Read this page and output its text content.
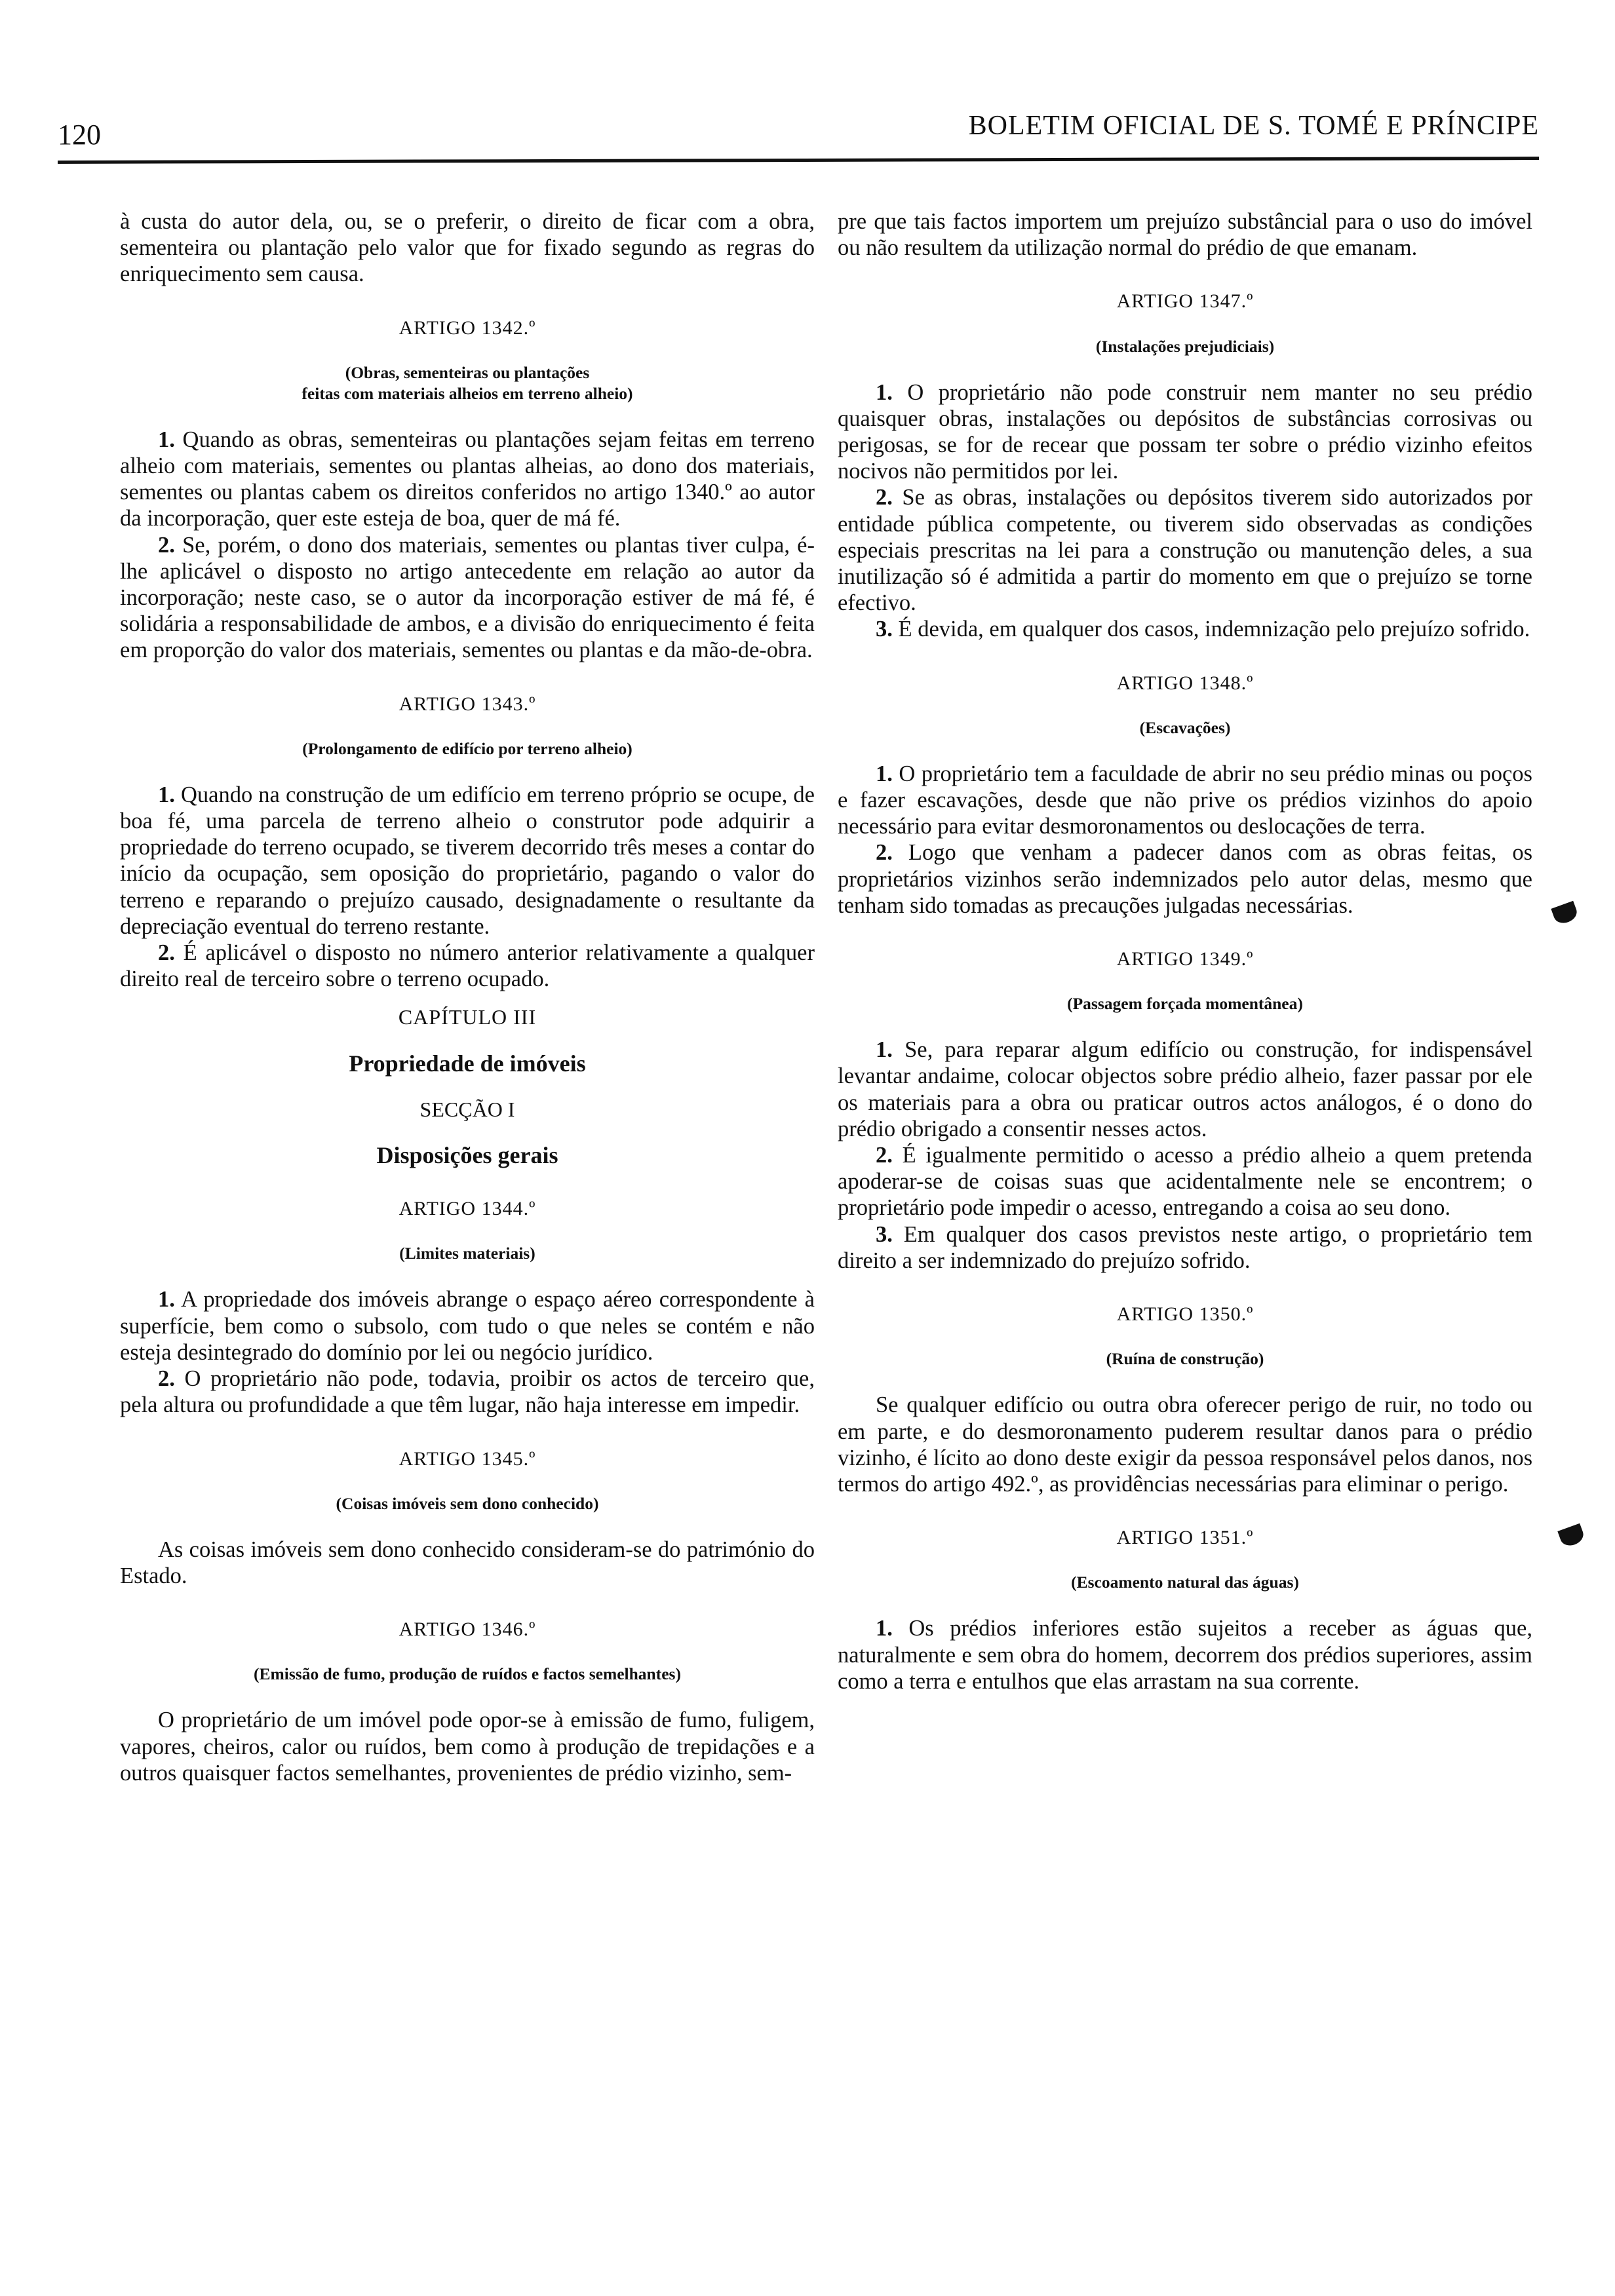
120	BOLETIM OFICIAL DE S. TOMÉ E PRÍNCIPE

à custa do autor dela, ou, se o preferir, o direito de ficar com a obra, sementeira ou plantação pelo valor que for fixado segundo as regras do enriquecimento sem causa.

ARTIGO 1342.º
(Obras, sementeiras ou plantações
feitas com materiais alheios em terreno alheio)

1. Quando as obras, sementeiras ou plantações sejam feitas em terreno alheio com materiais, sementes ou plantas alheias, ao dono dos materiais, sementes ou plantas cabem os direitos conferidos no artigo 1340.º ao autor da incorporação, quer este esteja de boa, quer de má fé.

2. Se, porém, o dono dos materiais, sementes ou plantas tiver culpa, é-lhe aplicável o disposto no artigo antecedente em relação ao autor da incorporação; neste caso, se o autor da incorporação estiver de má fé, é solidária a responsabilidade de ambos, e a divisão do enriquecimento é feita em proporção do valor dos materiais, sementes ou plantas e da mão-de-obra.

ARTIGO 1343.º
(Prolongamento de edifício por terreno alheio)

1. Quando na construção de um edifício em terreno próprio se ocupe, de boa fé, uma parcela de terreno alheio o construtor pode adquirir a propriedade do terreno ocupado, se tiverem decorrido três meses a contar do início da ocupação, sem oposição do proprietário, pagando o valor do terreno e reparando o prejuízo causado, designadamente o resultante da depreciação eventual do terreno restante.

2. É aplicável o disposto no número anterior relativamente a qualquer direito real de terceiro sobre o terreno ocupado.

CAPÍTULO III
Propriedade de imóveis
SECÇÃO I
Disposições gerais
ARTIGO 1344.º
(Limites materiais)

1. A propriedade dos imóveis abrange o espaço aéreo correspondente à superfície, bem como o subsolo, com tudo o que neles se contém e não esteja desintegrado do domínio por lei ou negócio jurídico.

2. O proprietário não pode, todavia, proibir os actos de terceiro que, pela altura ou profundidade a que têm lugar, não haja interesse em impedir.

ARTIGO 1345.º
(Coisas imóveis sem dono conhecido)

As coisas imóveis sem dono conhecido consideram-se do património do Estado.

ARTIGO 1346.º
(Emissão de fumo, produção de ruídos e factos semelhantes)

O proprietário de um imóvel pode opor-se à emissão de fumo, fuligem, vapores, cheiros, calor ou ruídos, bem como à produção de trepidações e a outros quaisquer factos semelhantes, provenientes de prédio vizinho, sem-

pre que tais factos importem um prejuízo substâncial para o uso do imóvel ou não resultem da utilização normal do prédio de que emanam.

ARTIGO 1347.º
(Instalações prejudiciais)

1. O proprietário não pode construir nem manter no seu prédio quaisquer obras, instalações ou depósitos de substâncias corrosivas ou perigosas, se for de recear que possam ter sobre o prédio vizinho efeitos nocivos não permitidos por lei.

2. Se as obras, instalações ou depósitos tiverem sido autorizados por entidade pública competente, ou tiverem sido observadas as condições especiais prescritas na lei para a construção ou manutenção deles, a sua inutilização só é admitida a partir do momento em que o prejuízo se torne efectivo.

3. É devida, em qualquer dos casos, indemnização pelo prejuízo sofrido.

ARTIGO 1348.º
(Escavações)

1. O proprietário tem a faculdade de abrir no seu prédio minas ou poços e fazer escavações, desde que não prive os prédios vizinhos do apoio necessário para evitar desmoronamentos ou deslocações de terra.

2. Logo que venham a padecer danos com as obras feitas, os proprietários vizinhos serão indemnizados pelo autor delas, mesmo que tenham sido tomadas as precauções julgadas necessárias.

ARTIGO 1349.º
(Passagem forçada momentânea)

1. Se, para reparar algum edifício ou construção, for indispensável levantar andaime, colocar objectos sobre prédio alheio, fazer passar por ele os materiais para a obra ou praticar outros actos análogos, é o dono do prédio obrigado a consentir nesses actos.

2. É igualmente permitido o acesso a prédio alheio a quem pretenda apoderar-se de coisas suas que acidentalmente nele se encontrem; o proprietário pode impedir o acesso, entregando a coisa ao seu dono.

3. Em qualquer dos casos previstos neste artigo, o proprietário tem direito a ser indemnizado do prejuízo sofrido.

ARTIGO 1350.º
(Ruína de construção)

Se qualquer edifício ou outra obra oferecer perigo de ruir, no todo ou em parte, e do desmoronamento puderem resultar danos para o prédio vizinho, é lícito ao dono deste exigir da pessoa responsável pelos danos, nos termos do artigo 492.º, as providências necessárias para eliminar o perigo.

ARTIGO 1351.º
(Escoamento natural das águas)

1. Os prédios inferiores estão sujeitos a receber as águas que, naturalmente e sem obra do homem, decorrem dos prédios superiores, assim como a terra e entulhos que elas arrastam na sua corrente.
